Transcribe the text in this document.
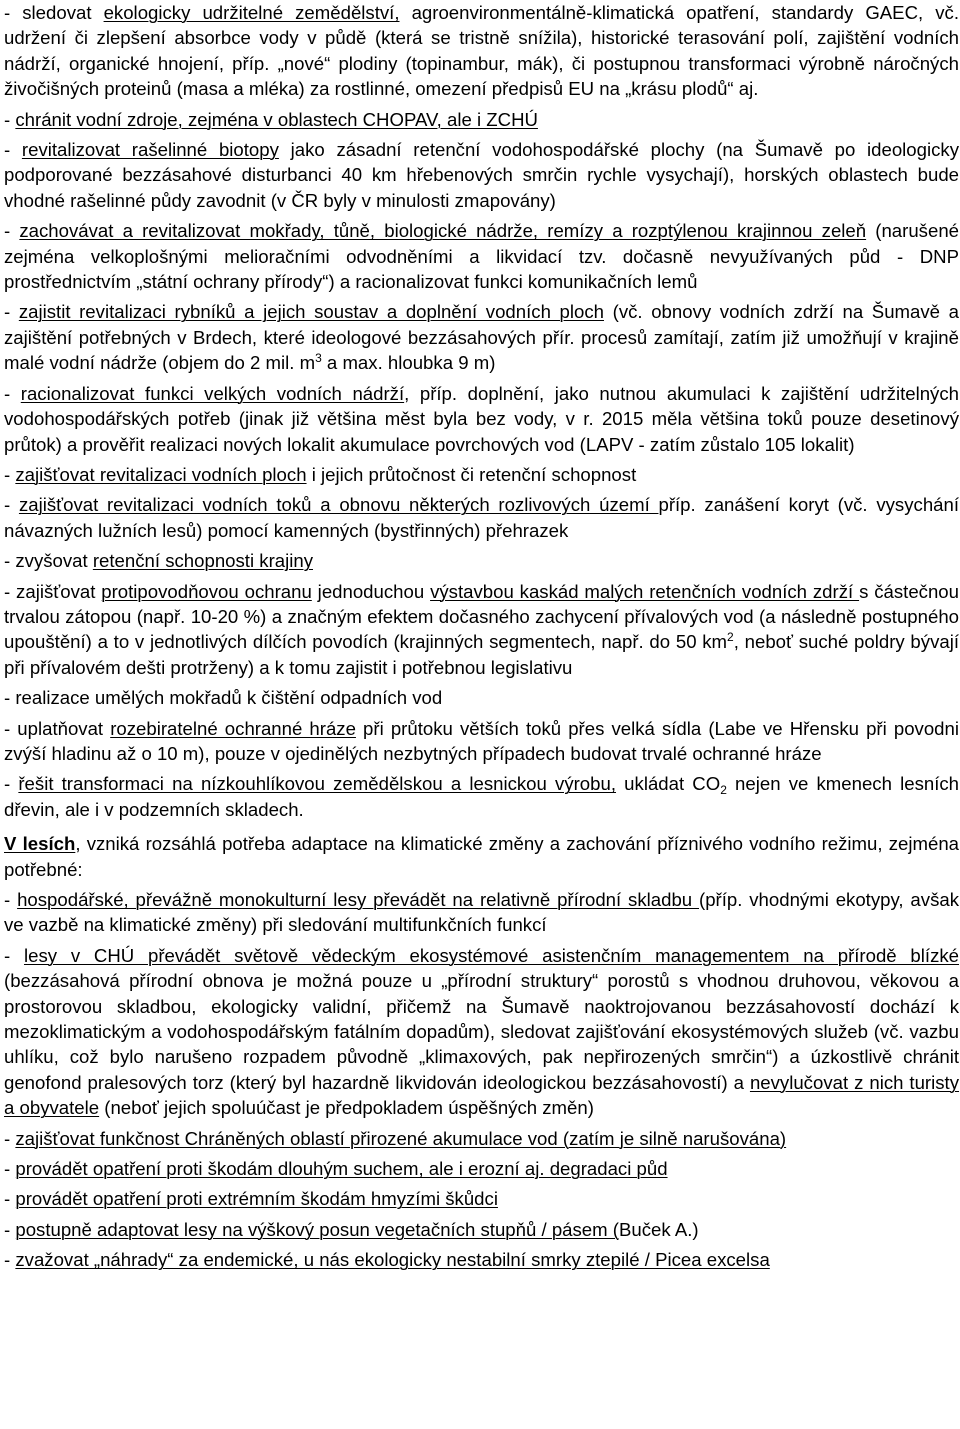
- sledovat ekologicky udržitelné zemědělství, agroenvironmentálně-klimatická opatření, standardy GAEC, vč. udržení či zlepšení absorbce vody v půdě (která se tristně snížila), historické terasování polí, zajištění vodních nádrží, organické hnojení, příp. „nové“ plodiny (topinambur, mák), či postupnou transformaci výrobně náročných živočišných proteinů (masa a mléka) za rostlinné, omezení předpisů EU na „krásu plodů“ aj.

- chránit vodní zdroje, zejména v oblastech CHOPAV, ale i ZCHÚ

- revitalizovat rašelinné biotopy jako zásadní retenční vodohospodářské plochy (na Šumavě po ideologicky podporované bezzásahové disturbanci 40 km hřebenových smrčin rychle vysychají), horských oblastech bude vhodné rašelinné půdy zavodnit (v ČR byly v minulosti zmapovány)

- zachovávat a revitalizovat mokřady, tůně, biologické nádrže, remízy a rozptýlenou krajinnou zeleň (narušené zejména velkoplošnými melioračními odvodněními a likvidací tzv. dočasně nevyužívaných půd - DNP prostřednictvím „státní ochrany přírody“) a racionalizovat funkci komunikačních lemů

- zajistit revitalizaci rybníků a jejich soustav a doplnění vodních ploch (vč. obnovy vodních zdrží na Šumavě a zajištění potřebných v Brdech, které ideologové bezzásahových přír. procesů zamítají, zatím již umožňují v krajině malé vodní nádrže (objem do 2 mil. $m^3$ a max. hloubka 9 m)

- racionalizovat funkci velkých vodních nádrží, příp. doplnění, jako nutnou akumulaci k zajištění udržitelných vodohospodářských potřeb (jinak již většina měst byla bez vody, v r. 2015 měla většina toků pouze desetinový průtok) a prověřit realizaci nových lokalit akumulace povrchových vod (LAPV - zatím zůstalo 105 lokalit)

- zajišťovat revitalizaci vodních ploch i jejich průtočnost či retenční schopnost

- zajišťovat revitalizaci vodních toků a obnovu některých rozlivových území příp. zanášení koryt (vč. vysychání návazných lužních lesů) pomocí kamenných (bystřinných) přehrazek

- zvyšovat retenční schopnosti krajiny

- zajišťovat protipovodňovou ochranu jednoduchou výstavbou kaskád malých retenčních vodních zdrží s částečnou trvalou zátopou (např. 10-20 %) a značným efektem dočasného zachycení přívalových vod (a následně postupného upouštění) a to v jednotlivých dílčích povodích (krajinných segmentech, např. do 50 $km^2$, neboť suché poldry bývají při přívalovém dešti protrženy) a k tomu zajistit i potřebnou legislativu

- realizace umělých mokřadů k čištění odpadních vod

- uplatňovat rozebiratelné ochranné hráze při průtoku větších toků přes velká sídla (Labe ve Hřensku při povodni zvýší hladinu až o 10 m), pouze v ojedinělých nezbytných případech budovat trvalé ochranné hráze

- řešit transformaci na nízkouhlíkovou zemědělskou a lesnickou výrobu, ukládat $CO_2$ nejen ve kmenech lesních dřevin, ale i v podzemních skladech.

V lesích, vzniká rozsáhlá potřeba adaptace na klimatické změny a zachování příznivého vodního režimu, zejména potřebné:

- hospodářské, převážně monokulturní lesy převádět na relativně přírodní skladbu (příp. vhodnými ekotypy, avšak ve vazbě na klimatické změny) při sledování multifunkčních funkcí

- lesy v CHÚ převádět světově vědeckým ekosystémové asistenčním managementem na přírodě blízké (bezzásahová přírodní obnova je možná pouze u „přírodní struktury“ porostů s vhodnou druhovou, věkovou a prostorovou skladbou, ekologicky validní, přičemž na Šumavě naoktrojovanou bezzásahovostí dochází k mezoklimatickým a vodohospodářským fatálním dopadům), sledovat zajišťování ekosystémových služeb (vč. vazbu uhlíku, což bylo narušeno rozpadem původně „klimaxových, pak nepřirozených smrčin“) a úzkostlivě chránit genofond pralesových torz (který byl hazardně likvidován ideologickou bezzásahovostí) a nevylučovat z nich turisty a obyvatele (neboť jejich spoluúčast je předpokladem úspěšných změn)

- zajišťovat funkčnost Chráněných oblastí přirozené akumulace vod (zatím je silně narušována)

- provádět opatření proti škodám dlouhým suchem, ale i erozní aj. degradaci půd

- provádět opatření proti extrémním škodám hmyzími škůdci

- postupně adaptovat lesy na výškový posun vegetačních stupňů / pásem (Buček A.)

- zvažovat „náhrady“ za endemické, u nás ekologicky nestabilní smrky ztepilé / Picea excelsa
